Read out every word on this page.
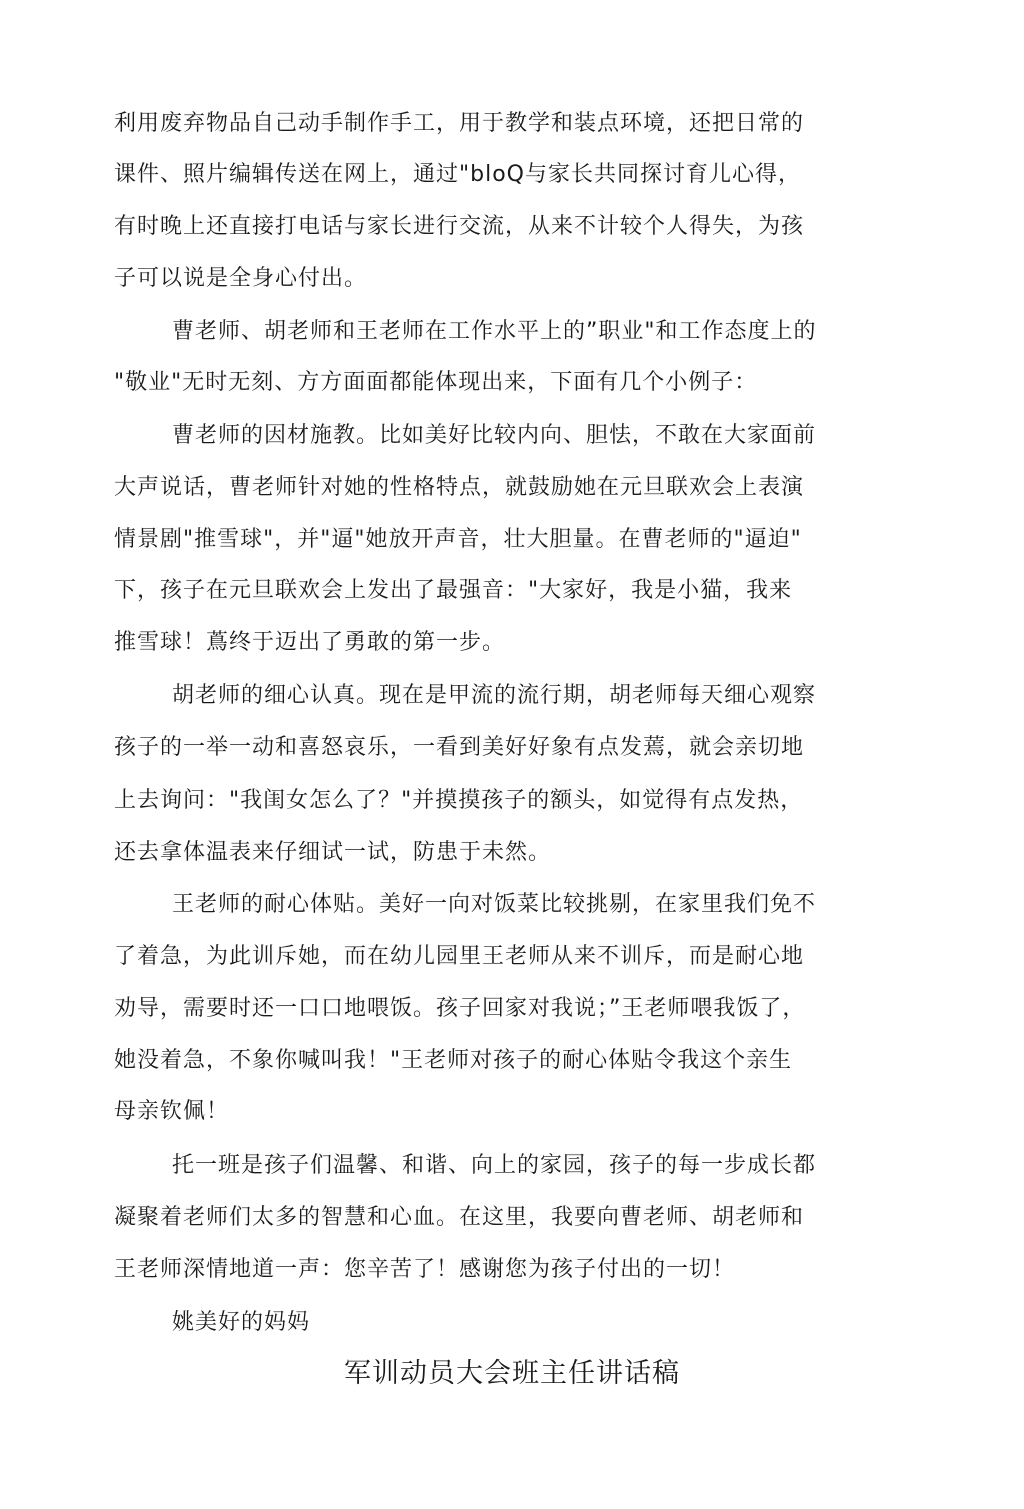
利用废弃物品自己动手制作手工，用于教学和装点环境，还把日常的
课件、照片编辑传送在网上，通过"bloQ与家长共同探讨育儿心得，
有时晚上还直接打电话与家长进行交流，从来不计较个人得失，为孩
子可以说是全身心付出。
曹老师、胡老师和王老师在工作水平上的”职业"和工作态度上的
"敬业"无时无刻、方方面面都能体现出来，下面有几个小例子：
曹老师的因材施教。比如美好比较内向、胆怯，不敢在大家面前
大声说话，曹老师针对她的性格特点，就鼓励她在元旦联欢会上表演
情景剧"推雪球"，并"逼"她放开声音，壮大胆量。在曹老师的"逼迫"
下，孩子在元旦联欢会上发出了最强音："大家好，我是小猫，我来
推雪球！蔦终于迈出了勇敢的第一步。
胡老师的细心认真。现在是甲流的流行期，胡老师每天细心观察
孩子的一举一动和喜怒哀乐，一看到美好好象有点发蔫，就会亲切地
上去询问："我闺女怎么了？"并摸摸孩子的额头，如觉得有点发热，
还去拿体温表来仔细试一试，防患于未然。
王老师的耐心体贴。美好一向对饭菜比较挑剔，在家里我们免不
了着急，为此训斥她，而在幼儿园里王老师从来不训斥，而是耐心地
劝导，需要时还一口口地喂饭。孩子回家对我说；”王老师喂我饭了，
她没着急，不象你喊叫我！"王老师对孩子的耐心体贴令我这个亲生
母亲钦佩！
托一班是孩子们温馨、和谐、向上的家园，孩子的每一步成长都
凝聚着老师们太多的智慧和心血。在这里，我要向曹老师、胡老师和
王老师深情地道一声：您辛苦了！感谢您为孩子付出的一切！
姚美好的妈妈
军训动员大会班主任讲话稿
